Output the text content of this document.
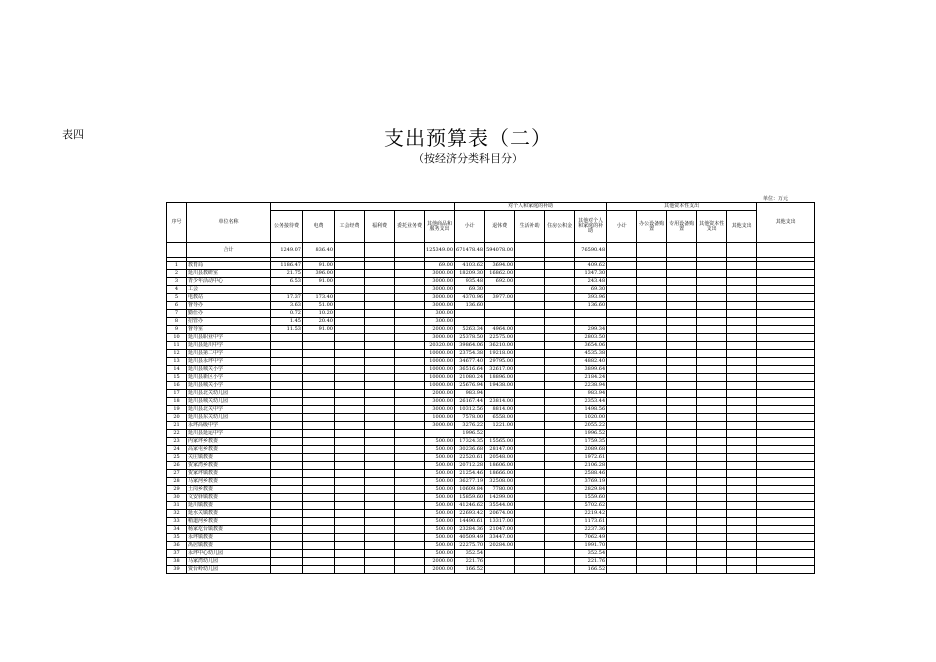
表四	支出预算表（二）
（按经济分类科目分）
单位：万元
序号	单位名称							对个人和家庭的补助					其他资本性支出					其他支出
		公务接待费	电费	工会经费	福利费	委托业务费	其他商品和服务支出	小计	退休费	生活补助	住房公积金	其他对个人和家庭的补助	小计	办公设备购置	专用设备购置	其他资本性支出	其他支出	
	合计	1249.07	836.40				125349.00	671478.48	594078.00			76590.48						

1	教育局	1186.47	91.00				69.00	4103.62	3694.00			409.62						
2	延川县教研室	21.75	396.00				3000.00	18209.30	16862.00			1347.30						
3	青少年活动中心	6.53	91.00				3000.00	935.48	692.00			243.48						
4	工会						3000.00	69.30				69.30						
5	电教站	17.37	173.40				3000.00	4370.96	3977.00			393.96						
6	督导办	3.63	51.00				3000.00	136.60				136.60						
7	勤仕办	0.72	10.20				300.00											
8	招管办	1.45	20.40				300.00											
9	督导室	11.53	91.00				2000.00	5263.34	4964.00			299.34						
10	延川县职业中学						3000.00	25378.50	22575.00			2803.50						
11	延川县延川中学						20320.00	39864.06	36210.00			3654.06						
12	延川县第二中学						10000.00	23754.38	19218.00			4535.38						
13	延川县永坪中学						10000.00	34677.40	29795.00			4882.40						
14	延川县城关小学						10000.00	36516.64	32617.00			3899.64						
15	延川县新区小学						10000.00	21080.24	18896.00			2184.24						
16	延川县城关小学						10000.00	25676.94	19438.00			2238.94						
17	延川县北关幼儿园						2000.00	983.94				983.94						
18	延川县城关幼儿园						3000.00	26167.44	23814.00			2353.44						
19	延川县北关中学						3000.00	10312.56	8814.00			1498.56						
20	延川县东关幼儿园						1000.00	7578.00	6558.00			1020.00						
21	永坪高级中学						3000.00	3276.22	1221.00			2055.22						
22	延川县延运中学							1996.52				1996.52						
23	丙家坪乡教委						500.00	17324.35	15565.00			1759.35						
24	高家屯乡教委						500.00	30236.68	28147.00			2089.68						
25	关庄镇教委						500.00	22520.61	20548.00			1972.61						
26	贺家湾乡教委						500.00	20712.28	18606.00			2106.28						
27	贺家坪镇教委						500.00	21254.46	18666.00			2588.46						
28	马家河乡教委						500.00	36277.19	32508.00			3769.19						
29	土岗乡教委						500.00	10609.84	7780.00			2829.84						
30	文安驿镇教委						500.00	15859.60	14299.00			1559.60						
31	延川镇教委						500.00	41246.62	35544.00			5702.62						
32	延水关镇教委						500.00	22693.42	20674.00			2219.42						
33	稍道河乡教委						500.00	14490.61	13317.00			1173.61						
34	杨家圪台镇教委						500.00	23284.36	21047.00			2237.36						
35	永坪镇教委						500.00	40509.49	33447.00			7062.49						
36	禹居镇教委						500.00	22275.70	20284.00			1991.70						
37	永坪中心幼儿园						500.00	352.54				352.54						
38	马家湾幼儿园						2000.00	221.76				221.76						
39	贾台岭幼儿园						2000.00	166.52				166.52						
